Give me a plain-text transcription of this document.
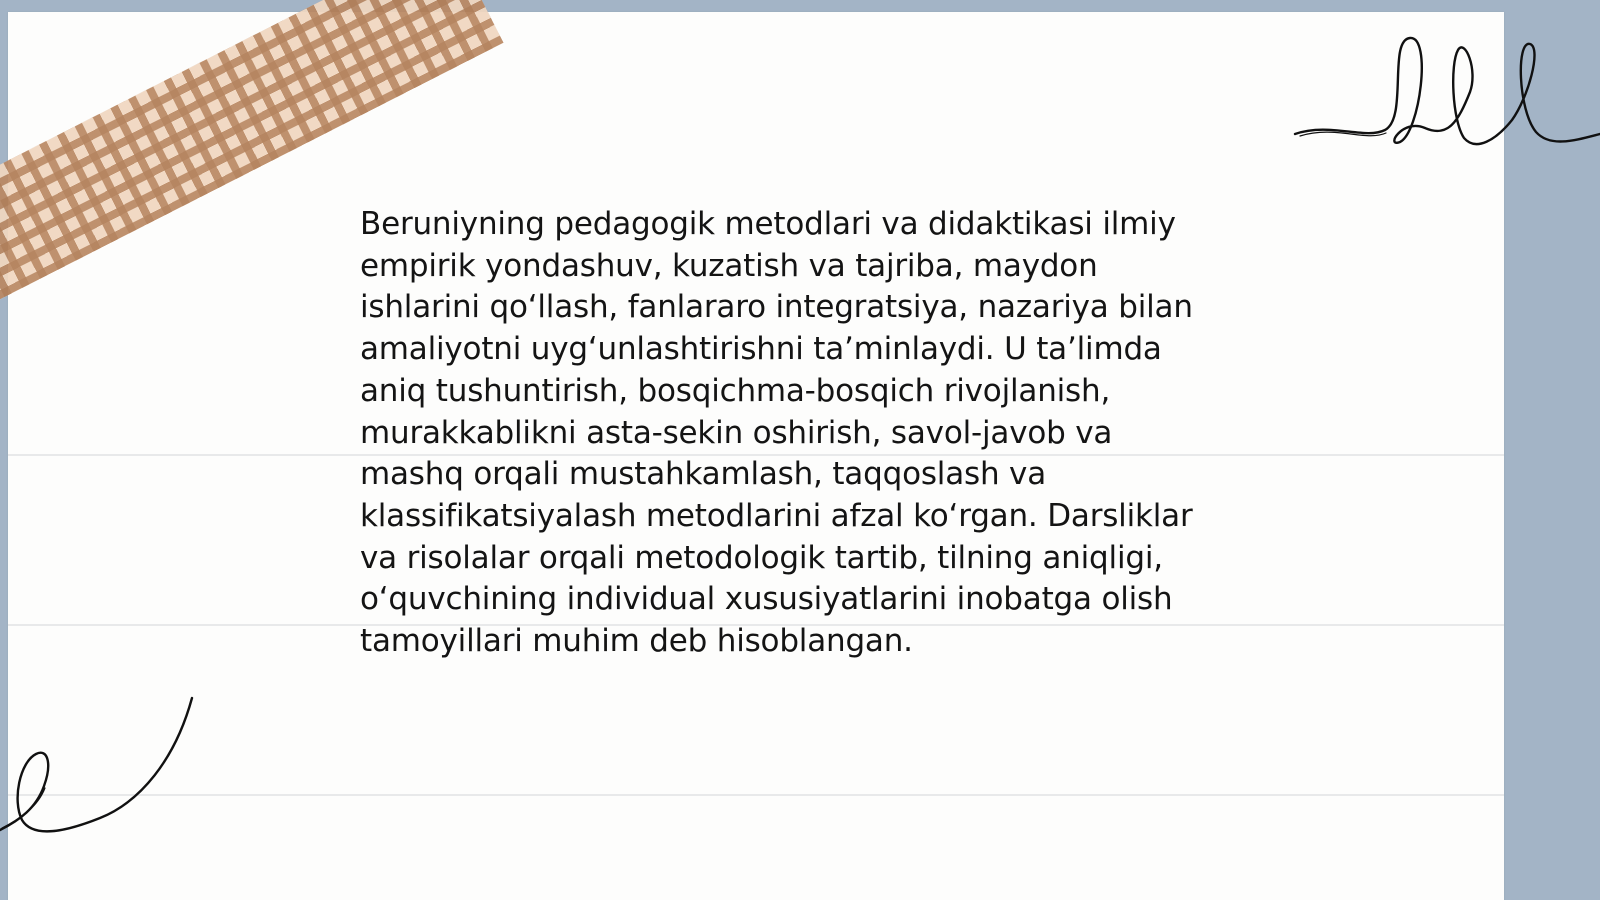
Beruniyning pedagogik metodlari va didaktikasi ilmiy
empirik yondashuv, kuzatish va tajriba, maydon
ishlarini qo‘llash, fanlararo integratsiya, nazariya bilan
amaliyotni uyg‘unlashtirishni ta’minlaydi. U ta’limda
aniq tushuntirish, bosqichma-bosqich rivojlanish,
murakkablikni asta-sekin oshirish, savol-javob va
mashq orqali mustahkamlash, taqqoslash va
klassifikatsiyalash metodlarini afzal ko‘rgan. Darsliklar
va risolalar orqali metodologik tartib, tilning aniqligi,
o‘quvchining individual xususiyatlarini inobatga olish
tamoyillari muhim deb hisoblangan.
